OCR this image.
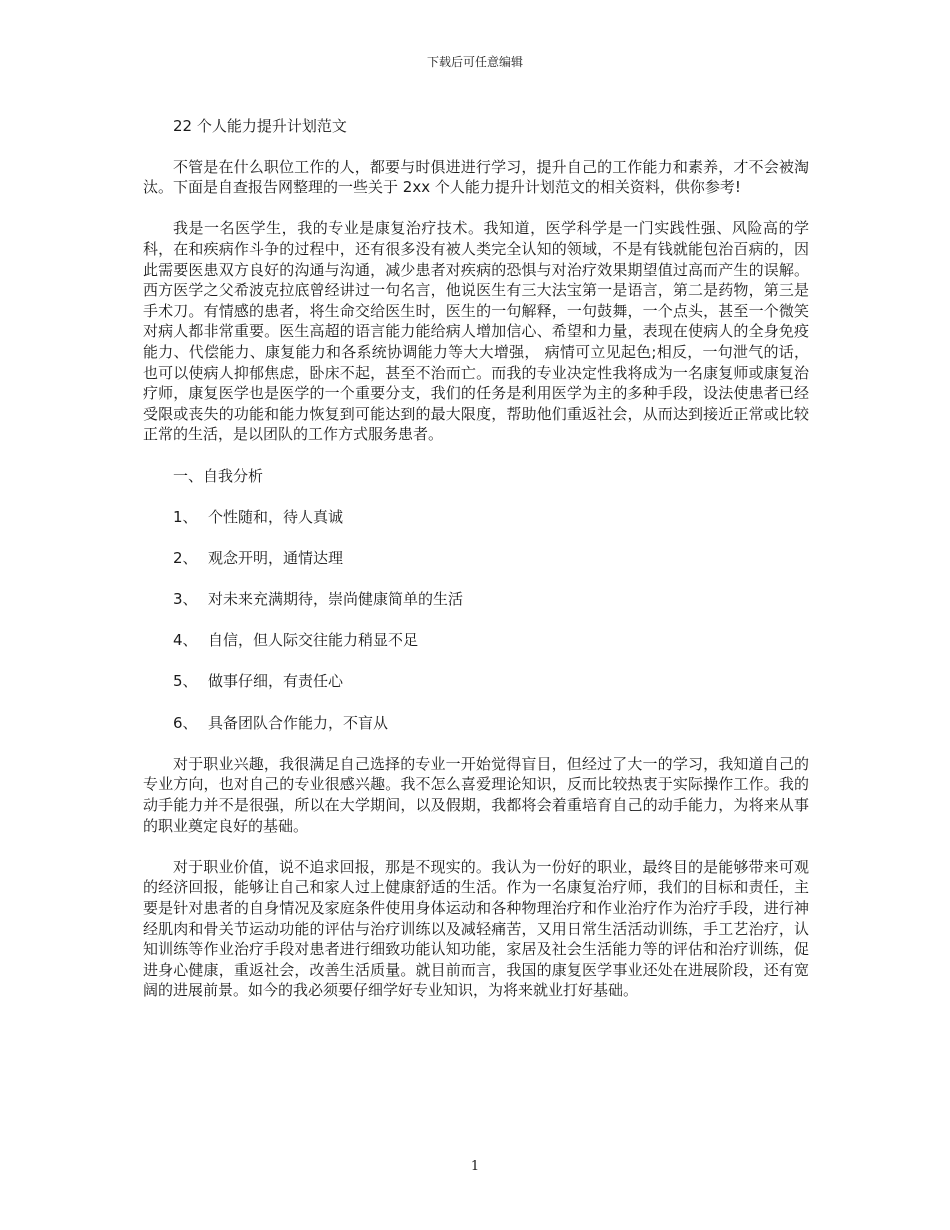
下载后可任意编辑
22 个人能力提升计划范文

不管是在什么职位工作的人，都要与时俱进进行学习，提升自己的工作能力和素养，才不会被淘汰。下面是自查报告网整理的一些关于 2xx 个人能力提升计划范文的相关资料，供你参考!

我是一名医学生，我的专业是康复治疗技术。我知道，医学科学是一门实践性强、风险高的学科，在和疾病作斗争的过程中，还有很多没有被人类完全认知的领域，不是有钱就能包治百病的，因此需要医患双方良好的沟通与沟通，减少患者对疾病的恐惧与对治疗效果期望值过高而产生的误解。西方医学之父希波克拉底曾经讲过一句名言，他说医生有三大法宝第一是语言，第二是药物，第三是手术刀。有情感的患者，将生命交给医生时，医生的一句解释，一句鼓舞，一个点头，甚至一个微笑对病人都非常重要。医生高超的语言能力能给病人增加信心、希望和力量，表现在使病人的全身免疫能力、代偿能力、康复能力和各系统协调能力等大大增强， 病情可立见起色;相反，一句泄气的话，也可以使病人抑郁焦虑，卧床不起，甚至不治而亡。而我的专业决定性我将成为一名康复师或康复治疗师，康复医学也是医学的一个重要分支，我们的任务是利用医学为主的多种手段，设法使患者已经受限或丧失的功能和能力恢复到可能达到的最大限度，帮助他们重返社会，从而达到接近正常或比较正常的生活，是以团队的工作方式服务患者。

一、自我分析
1、 个性随和，待人真诚
2、 观念开明，通情达理
3、 对未来充满期待，崇尚健康简单的生活
4、 自信，但人际交往能力稍显不足
5、 做事仔细，有责任心
6、 具备团队合作能力，不盲从

对于职业兴趣，我很满足自己选择的专业一开始觉得盲目，但经过了大一的学习，我知道自己的专业方向，也对自己的专业很感兴趣。我不怎么喜爱理论知识，反而比较热衷于实际操作工作。我的动手能力并不是很强，所以在大学期间，以及假期，我都将会着重培育自己的动手能力，为将来从事的职业奠定良好的基础。

对于职业价值，说不追求回报，那是不现实的。我认为一份好的职业，最终目的是能够带来可观的经济回报，能够让自己和家人过上健康舒适的生活。作为一名康复治疗师，我们的目标和责任，主要是针对患者的自身情况及家庭条件使用身体运动和各种物理治疗和作业治疗作为治疗手段，进行神经肌肉和骨关节运动功能的评估与治疗训练以及减轻痛苦，又用日常生活活动训练，手工艺治疗，认知训练等作业治疗手段对患者进行细致功能认知功能，家居及社会生活能力等的评估和治疗训练，促进身心健康，重返社会，改善生活质量。就目前而言，我国的康复医学事业还处在进展阶段，还有宽阔的进展前景。如今的我必须要仔细学好专业知识，为将来就业打好基础。

1
